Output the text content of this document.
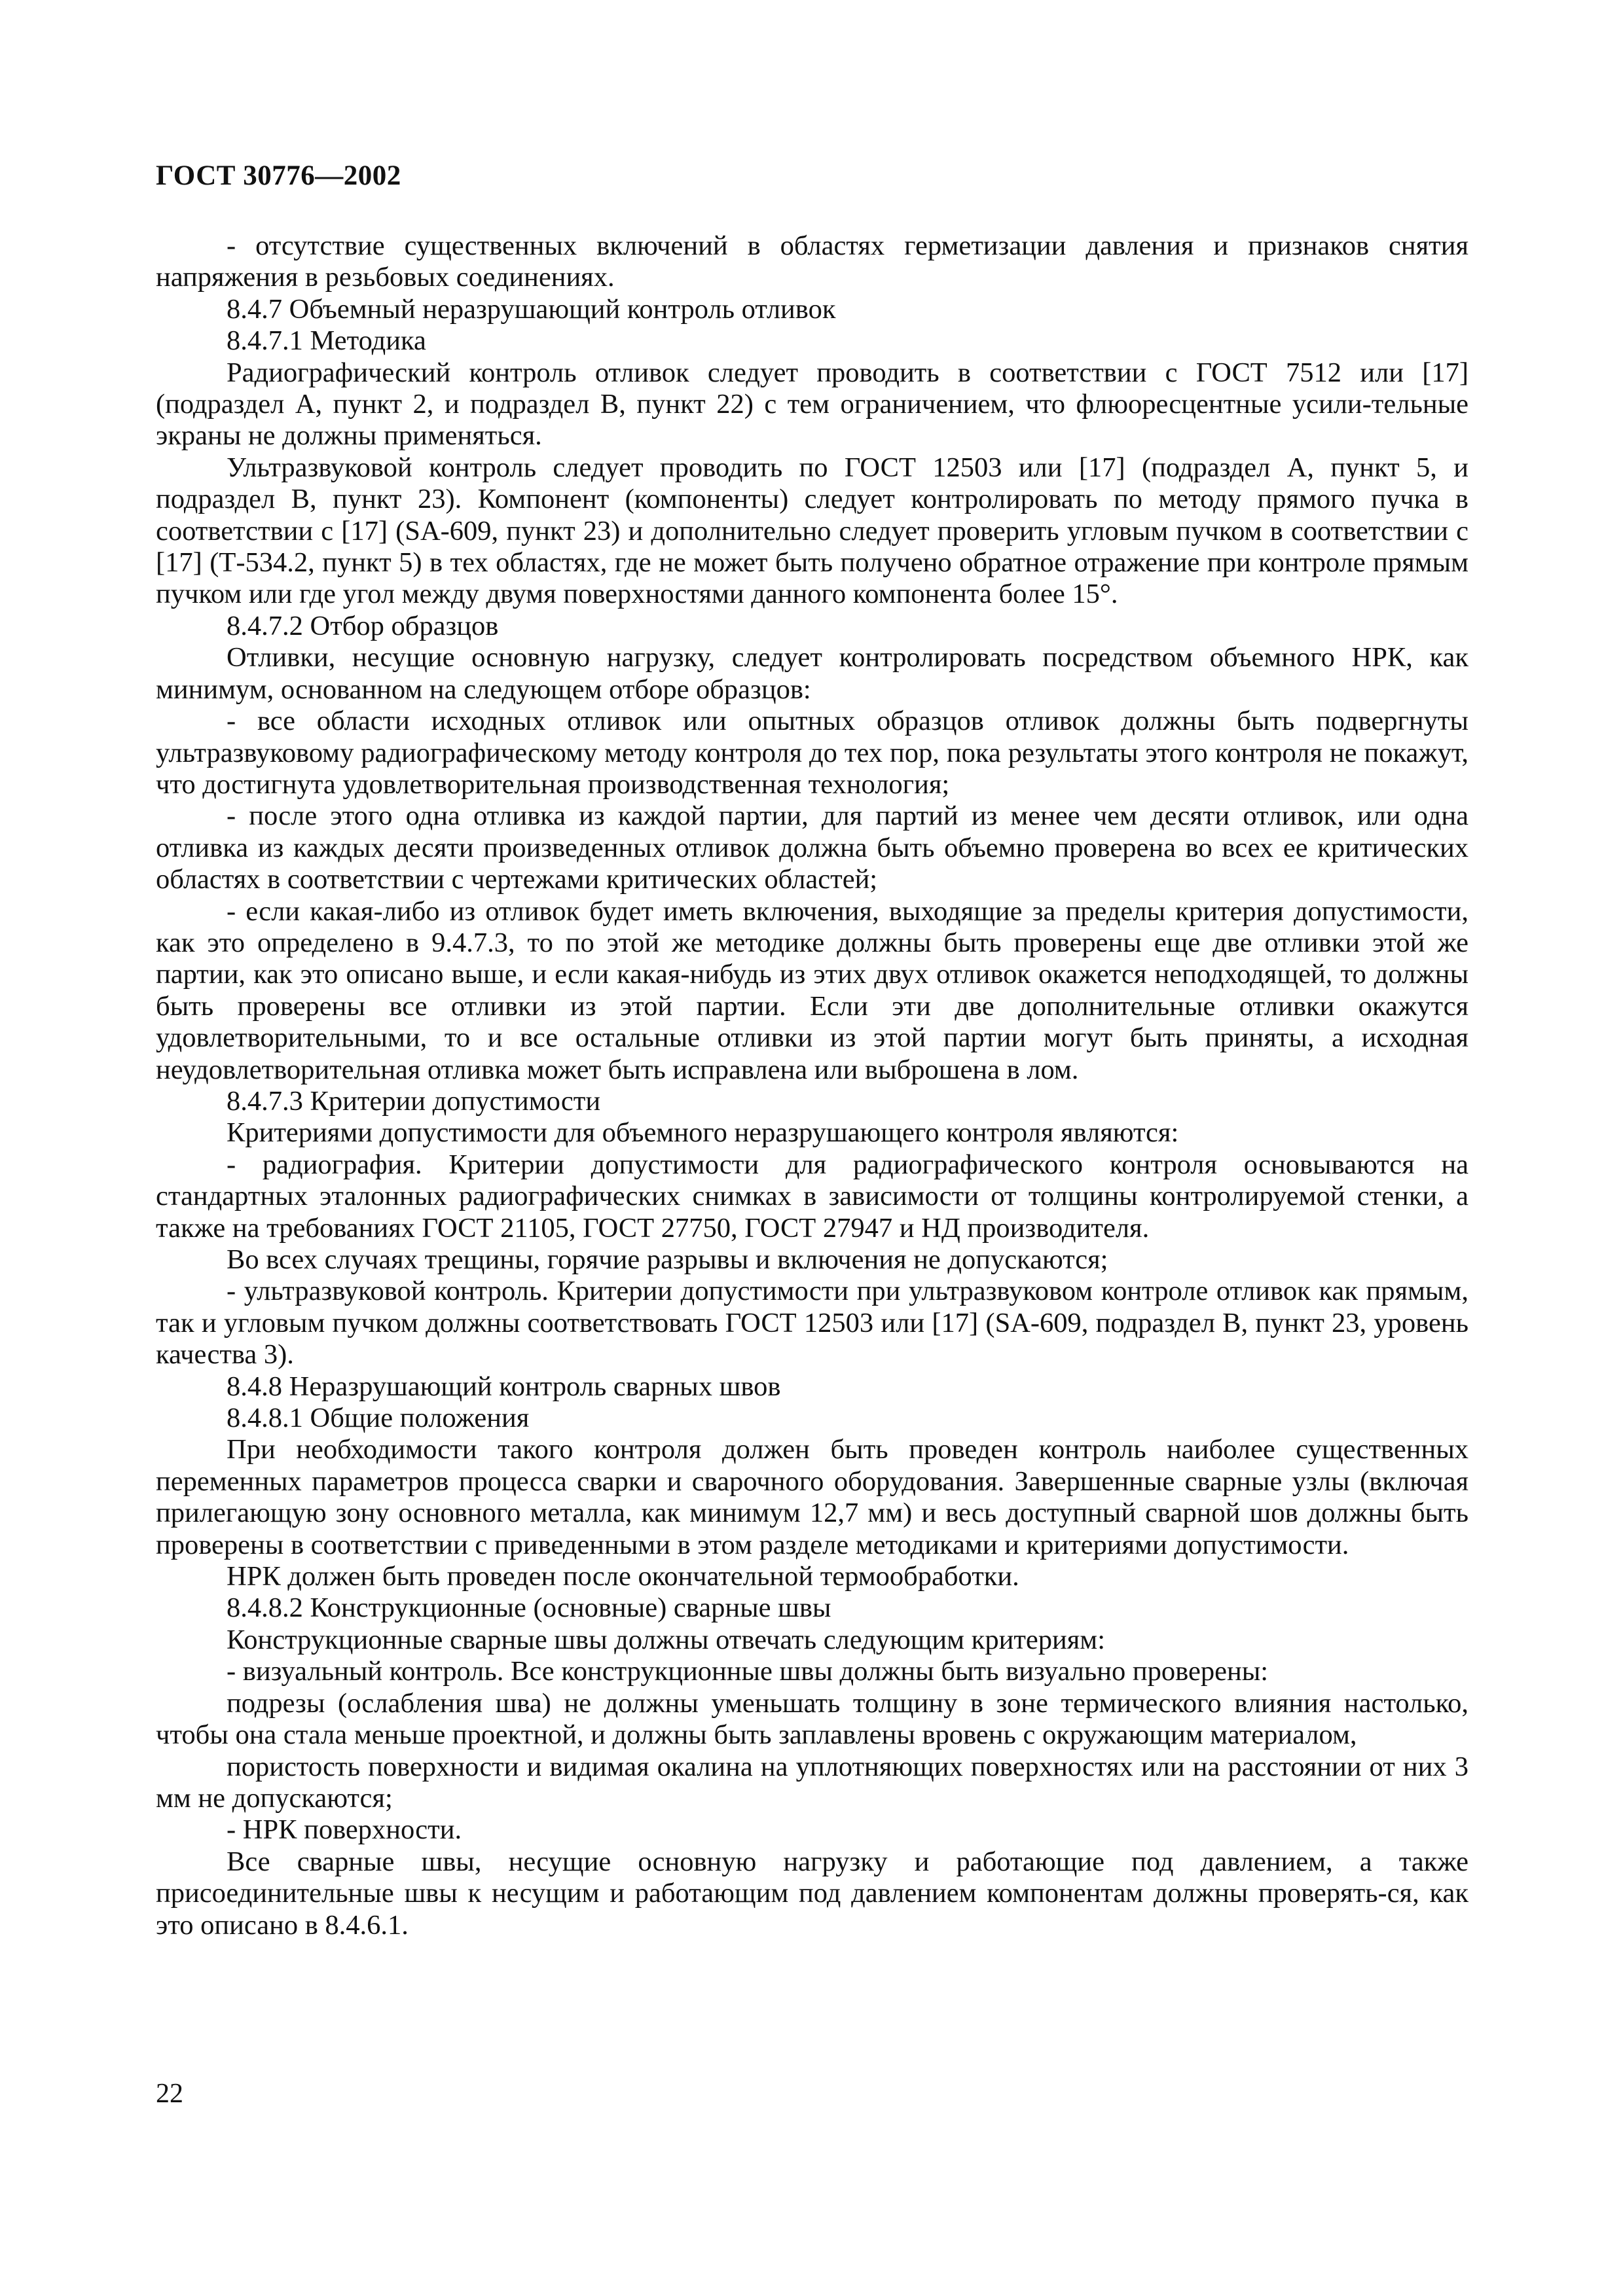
ГОСТ 30776—2002

- отсутствие существенных включений в областях герметизации давления и признаков снятия напряжения в резьбовых соединениях.

8.4.7 Объемный неразрушающий контроль отливок

8.4.7.1 Методика

Радиографический контроль отливок следует проводить в соответствии с ГОСТ 7512 или [17] (подраздел А, пункт 2, и подраздел В, пункт 22) с тем ограничением, что флюоресцентные усили-тельные экраны не должны применяться.

Ультразвуковой контроль следует проводить по ГОСТ 12503 или [17] (подраздел А, пункт 5, и подраздел В, пункт 23). Компонент (компоненты) следует контролировать по методу прямого пучка в соответствии с [17] (SA-609, пункт 23) и дополнительно следует проверить угловым пучком в соответствии с [17] (Т-534.2, пункт 5) в тех областях, где не может быть получено обратное отражение при контроле прямым пучком или где угол между двумя поверхностями данного компонента более 15°.

8.4.7.2 Отбор образцов

Отливки, несущие основную нагрузку, следует контролировать посредством объемного НРК, как минимум, основанном на следующем отборе образцов:

- все области исходных отливок или опытных образцов отливок должны быть подвергнуты ультразвуковому радиографическому методу контроля до тех пор, пока результаты этого контроля не покажут, что достигнута удовлетворительная производственная технология;

- после этого одна отливка из каждой партии, для партий из менее чем десяти отливок, или одна отливка из каждых десяти произведенных отливок должна быть объемно проверена во всех ее критических областях в соответствии с чертежами критических областей;

- если какая-либо из отливок будет иметь включения, выходящие за пределы критерия допустимости, как это определено в 9.4.7.3, то по этой же методике должны быть проверены еще две отливки этой же партии, как это описано выше, и если какая-нибудь из этих двух отливок окажется неподходящей, то должны быть проверены все отливки из этой партии. Если эти две дополнительные отливки окажутся удовлетворительными, то и все остальные отливки из этой партии могут быть приняты, а исходная неудовлетворительная отливка может быть исправлена или выброшена в лом.

8.4.7.3 Критерии допустимости

Критериями допустимости для объемного неразрушающего контроля являются:

- радиография. Критерии допустимости для радиографического контроля основываются на стандартных эталонных радиографических снимках в зависимости от толщины контролируемой стенки, а также на требованиях ГОСТ 21105, ГОСТ 27750, ГОСТ 27947 и НД производителя.

Во всех случаях трещины, горячие разрывы и включения не допускаются;

- ультразвуковой контроль. Критерии допустимости при ультразвуковом контроле отливок как прямым, так и угловым пучком должны соответствовать ГОСТ 12503 или [17] (SA-609, подраздел В, пункт 23, уровень качества 3).

8.4.8 Неразрушающий контроль сварных швов

8.4.8.1 Общие положения

При необходимости такого контроля должен быть проведен контроль наиболее существенных переменных параметров процесса сварки и сварочного оборудования. Завершенные сварные узлы (включая прилегающую зону основного металла, как минимум 12,7 мм) и весь доступный сварной шов должны быть проверены в соответствии с приведенными в этом разделе методиками и критериями допустимости.

НРК должен быть проведен после окончательной термообработки.

8.4.8.2 Конструкционные (основные) сварные швы

Конструкционные сварные швы должны отвечать следующим критериям:

- визуальный контроль. Все конструкционные швы должны быть визуально проверены:

подрезы (ослабления шва) не должны уменьшать толщину в зоне термического влияния настолько, чтобы она стала меньше проектной, и должны быть заплавлены вровень с окружающим материалом,

пористость поверхности и видимая окалина на уплотняющих поверхностях или на расстоянии от них 3 мм не допускаются;

- НРК поверхности.

Все сварные швы, несущие основную нагрузку и работающие под давлением, а также присоединительные швы к несущим и работающим под давлением компонентам должны проверять-ся, как это описано в 8.4.6.1.

22
